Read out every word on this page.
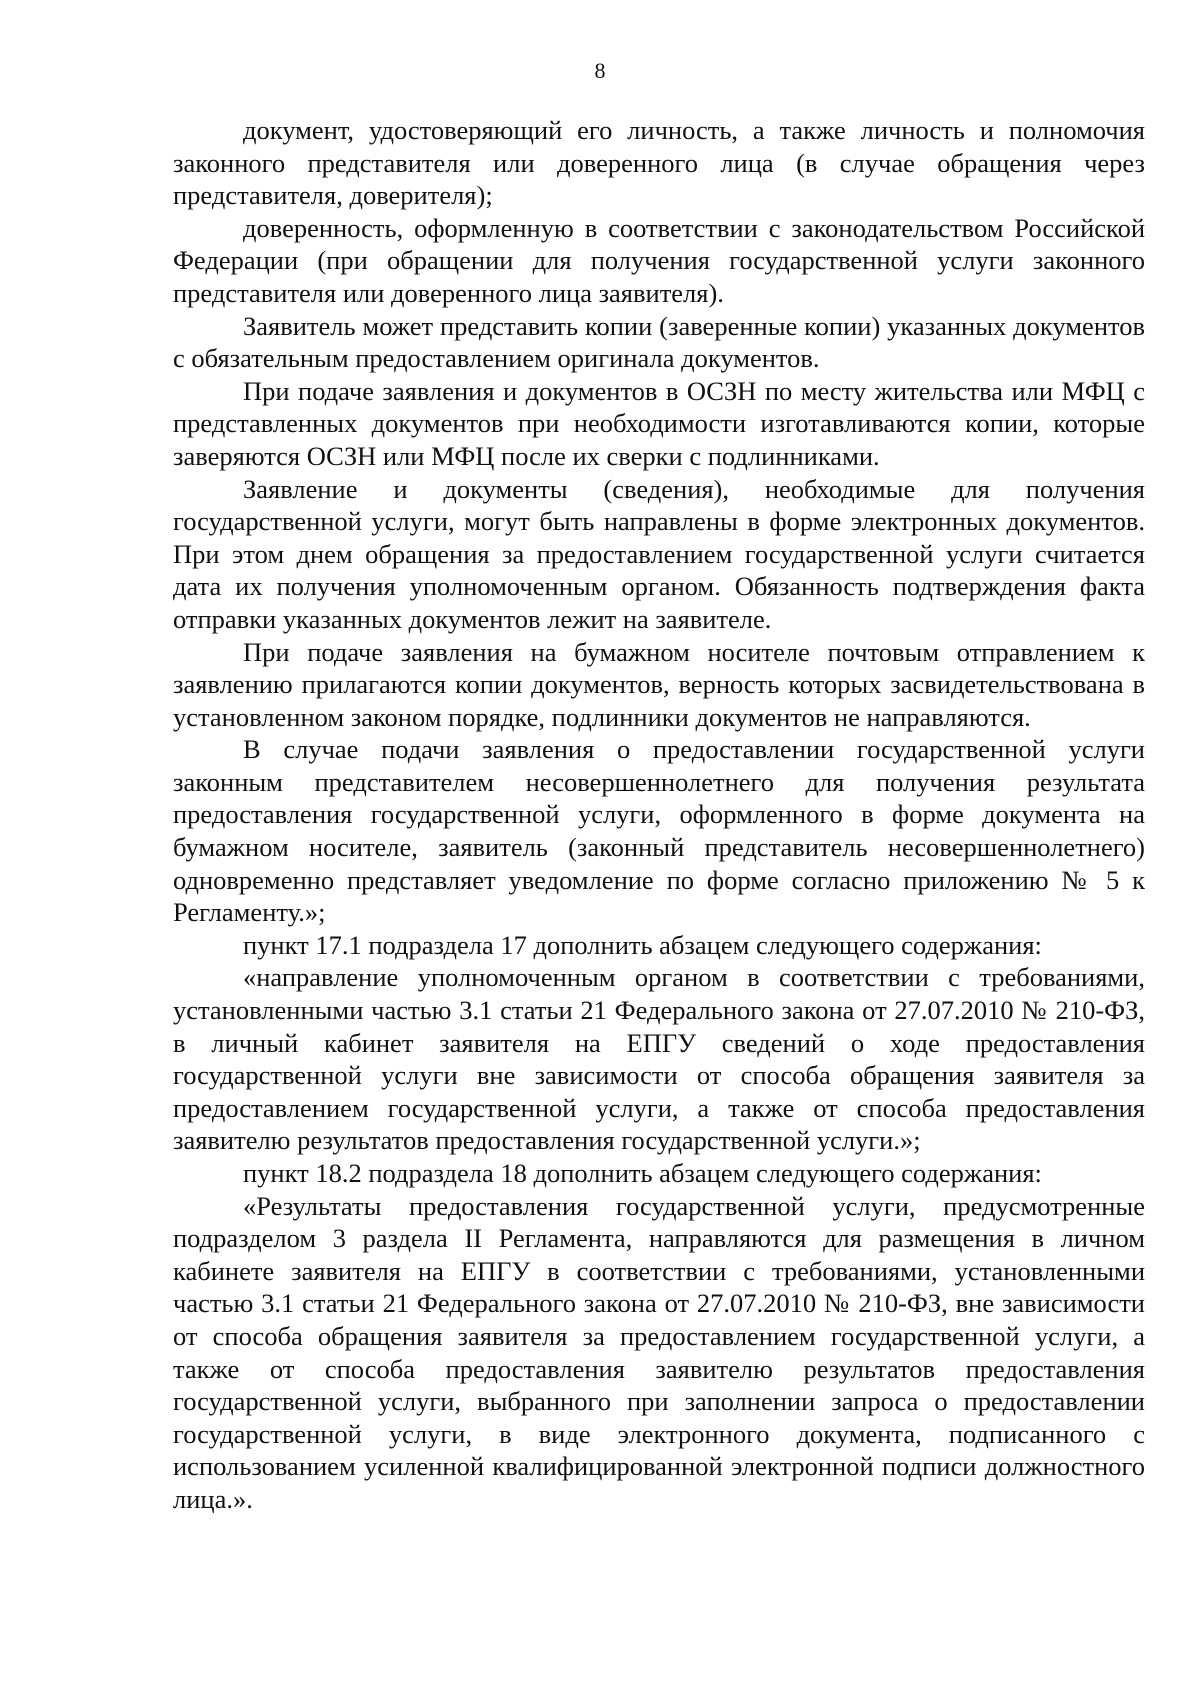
8

документ, удостоверяющий его личность, а также личность и полномочия законного представителя или доверенного лица (в случае обращения через представителя, доверителя);

доверенность, оформленную в соответствии с законодательством Российской Федерации (при обращении для получения государственной услуги законного представителя или доверенного лица заявителя).

Заявитель может представить копии (заверенные копии) указанных документов с обязательным предоставлением оригинала документов.

При подаче заявления и документов в ОСЗН по месту жительства или МФЦ с представленных документов при необходимости изготавливаются копии, которые заверяются ОСЗН или МФЦ после их сверки с подлинниками.

Заявление и документы (сведения), необходимые для получения государственной услуги, могут быть направлены в форме электронных документов. При этом днем обращения за предоставлением государственной услуги считается дата их получения уполномоченным органом. Обязанность подтверждения факта отправки указанных документов лежит на заявителе.

При подаче заявления на бумажном носителе почтовым отправлением к заявлению прилагаются копии документов, верность которых засвидетельствована в установленном законом порядке, подлинники документов не направляются.

В случае подачи заявления о предоставлении государственной услуги законным представителем несовершеннолетнего для получения результата предоставления государственной услуги, оформленного в форме документа на бумажном носителе, заявитель (законный представитель несовершеннолетнего) одновременно представляет уведомление по форме согласно приложению № 5 к Регламенту.»;

пункт 17.1 подраздела 17 дополнить абзацем следующего содержания:

«направление уполномоченным органом в соответствии с требованиями, установленными частью 3.1 статьи 21 Федерального закона от 27.07.2010 № 210-ФЗ, в личный кабинет заявителя на ЕПГУ сведений о ходе предоставления государственной услуги вне зависимости от способа обращения заявителя за предоставлением государственной услуги, а также от способа предоставления заявителю результатов предоставления государственной услуги.»;

пункт 18.2 подраздела 18 дополнить абзацем следующего содержания:

«Результаты предоставления государственной услуги, предусмотренные подразделом 3 раздела II Регламента, направляются для размещения в личном кабинете заявителя на ЕПГУ в соответствии с требованиями, установленными частью 3.1 статьи 21 Федерального закона от 27.07.2010 № 210-ФЗ, вне зависимости от способа обращения заявителя за предоставлением государственной услуги, а также от способа предоставления заявителю результатов предоставления государственной услуги, выбранного при заполнении запроса о предоставлении государственной услуги, в виде электронного документа, подписанного с использованием усиленной квалифицированной электронной подписи должностного лица.».
